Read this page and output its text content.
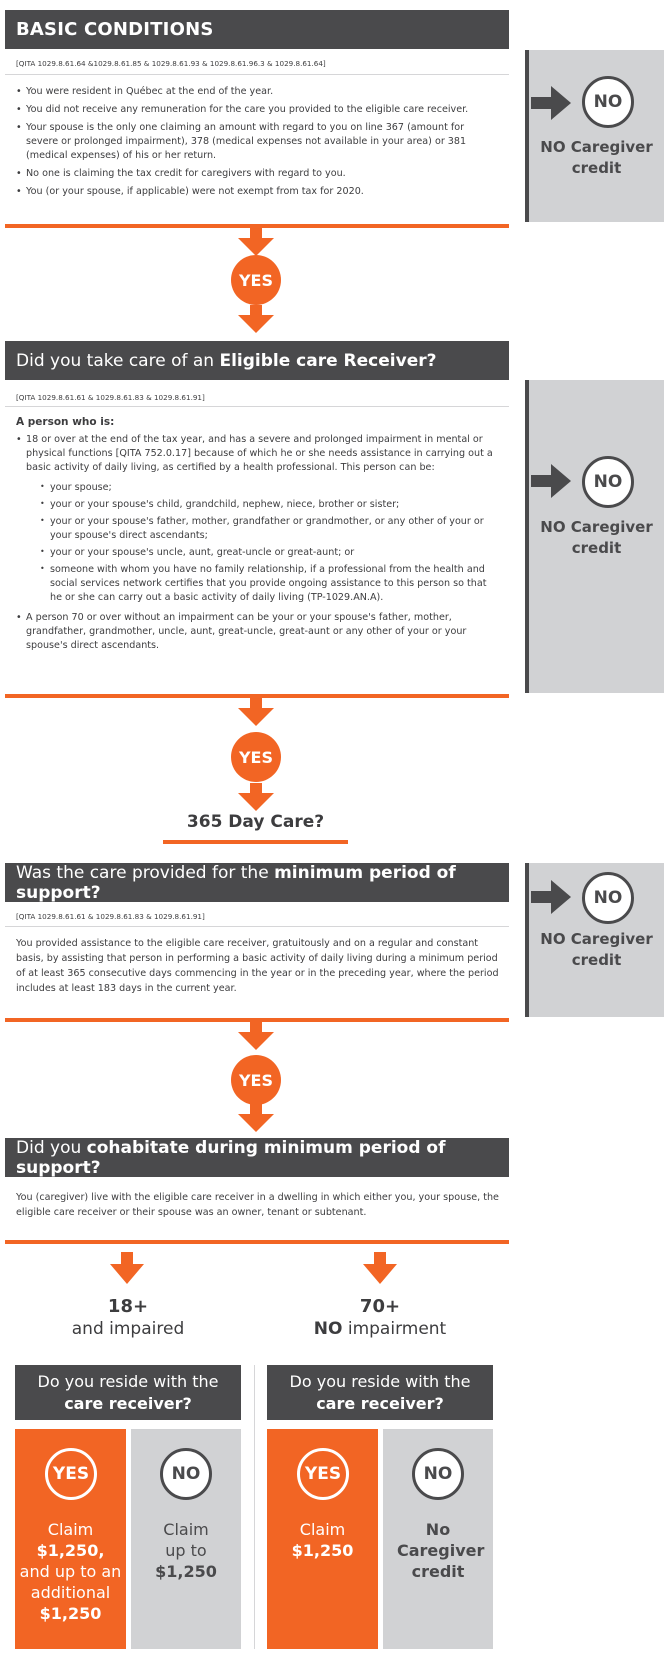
BASIC CONDITIONS
[QITA 1029.8.61.64 &1029.8.61.85 & 1029.8.61.93 & 1029.8.61.96.3 & 1029.8.61.64]
• You were resident in Québec at the end of the year.
• You did not receive any remuneration for the care you provided to the eligible care receiver.
• Your spouse is the only one claiming an amount with regard to you on line 367 (amount for severe or prolonged impairment), 378 (medical expenses not available in your area) or 381 (medical expenses) of his or her return.
• No one is claiming the tax credit for caregivers with regard to you.
• You (or your spouse, if applicable) were not exempt from tax for 2020.
NO
NO Caregiver credit
YES
Did you take care of an Eligible care Receiver?
[QITA 1029.8.61.61 & 1029.8.61.83 & 1029.8.61.91]
A person who is:
• 18 or over at the end of the tax year, and has a severe and prolonged impairment in mental or physical functions [QITA 752.0.17] because of which he or she needs assistance in carrying out a basic activity of daily living, as certified by a health professional. This person can be:
• your spouse;
• your or your spouse's child, grandchild, nephew, niece, brother or sister;
• your or your spouse's father, mother, grandfather or grandmother, or any other of your or your spouse's direct ascendants;
• your or your spouse's uncle, aunt, great-uncle or great-aunt; or
• someone with whom you have no family relationship, if a professional from the health and social services network certifies that you provide ongoing assistance to this person so that he or she can carry out a basic activity of daily living (TP-1029.AN.A).
• A person 70 or over without an impairment can be your or your spouse's father, mother, grandfather, grandmother, uncle, aunt, great-uncle, great-aunt or any other of your or your spouse's direct ascendants.
NO
NO Caregiver credit
YES
365 Day Care?
Was the care provided for the minimum period of support?
[QITA 1029.8.61.61 & 1029.8.61.83 & 1029.8.61.91]
You provided assistance to the eligible care receiver, gratuitously and on a regular and constant basis, by assisting that person in performing a basic activity of daily living during a minimum period of at least 365 consecutive days commencing in the year or in the preceding year, where the period includes at least 183 days in the current year.
NO
NO Caregiver credit
YES
Did you cohabitate during minimum period of support?
You (caregiver) live with the eligible care receiver in a dwelling in which either you, your spouse, the eligible care receiver or their spouse was an owner, tenant or subtenant.
18+
and impaired
70+
NO impairment
Do you reside with the
care receiver?
Do you reside with the
care receiver?
YES
Claim
$1,250,
and up to an additional
$1,250
NO
Claim up to
$1,250
YES
Claim
$1,250
NO
No Caregiver credit
